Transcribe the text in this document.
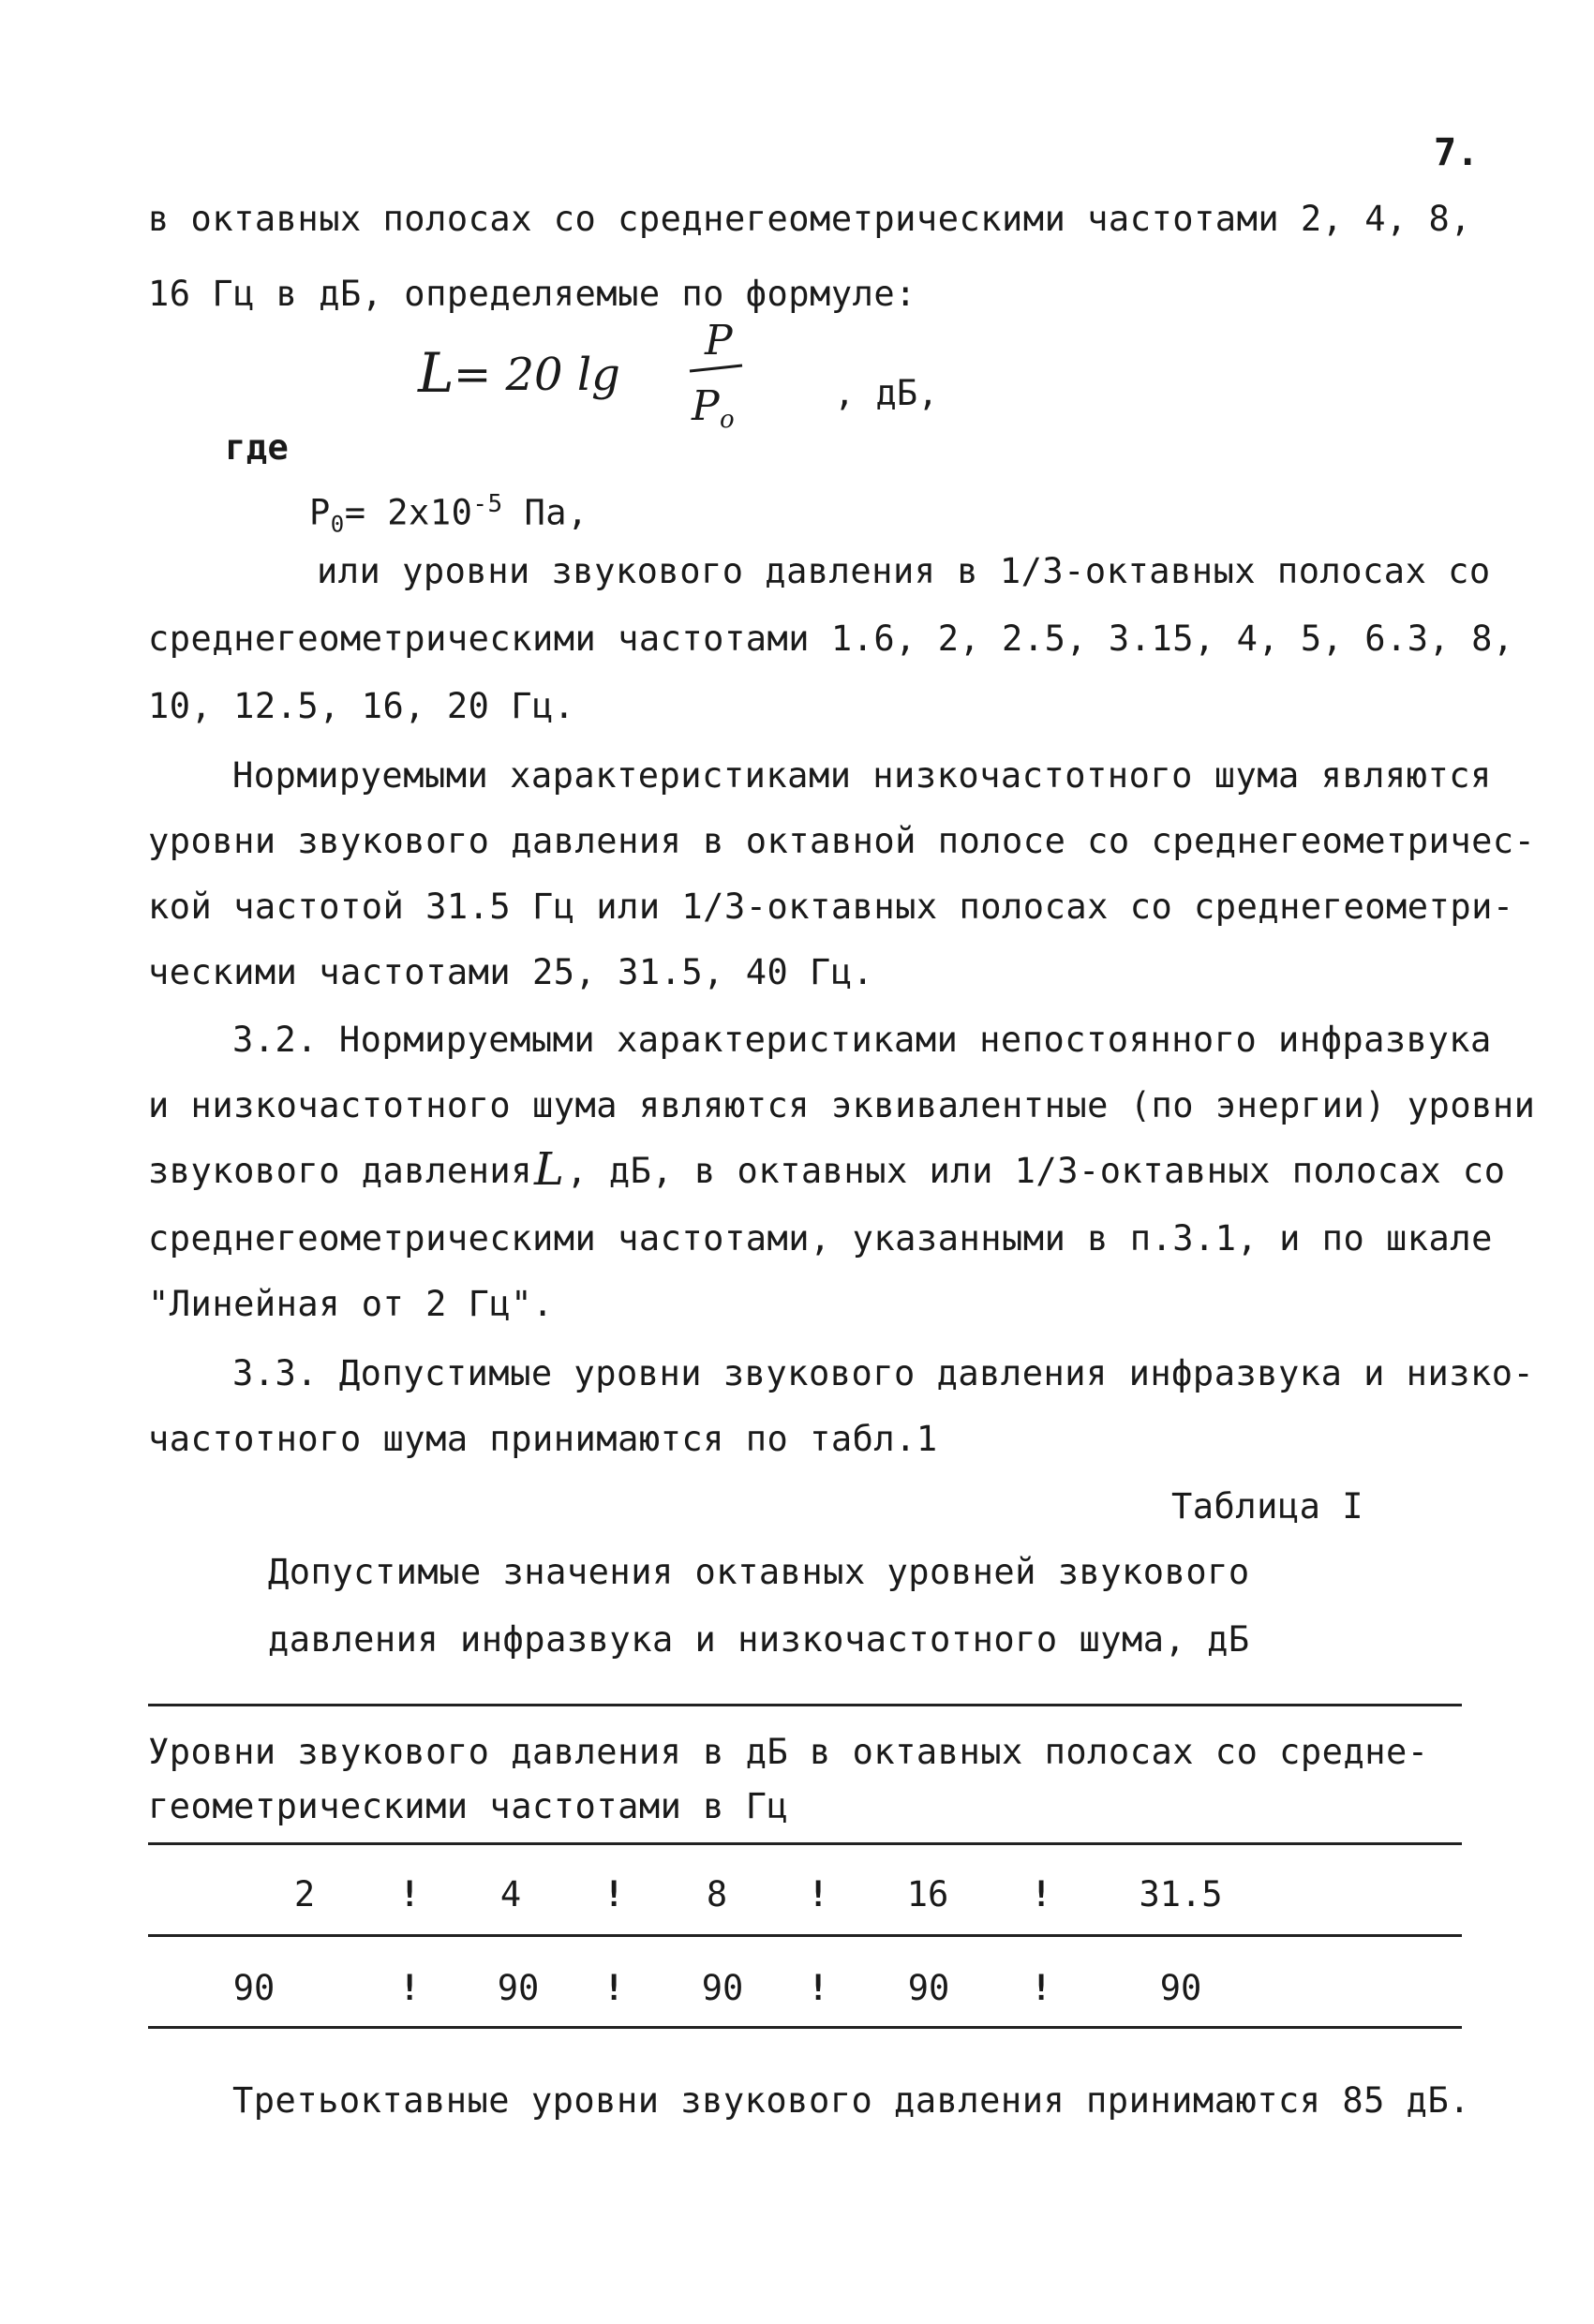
7.
в октавных полосах со среднегеометрическими частотами 2, 4, 8,
16 Гц в дБ, определяемые по формуле:
L = 20 lg
P
P o
, дБ,
где
$P_0= 2x10^{-5}$ Па,
или уровни звукового давления в 1/3-октавных полосах со
среднегеометрическими частотами 1.6, 2, 2.5, 3.15, 4, 5, 6.3, 8,
10, 12.5, 16, 20 Гц.
Нормируемыми характеристиками низкочастотного шума являются
уровни звукового давления в октавной полосе со среднегеометричес-
кой частотой 31.5 Гц или 1/3-октавных полосах со среднегеометри-
ческими частотами 25, 31.5, 40 Гц.
3.2. Нормируемыми характеристиками непостоянного инфразвука
и низкочастотного шума являются эквивалентные (по энергии) уровни
звукового давленияL, дБ, в октавных или 1/3-октавных полосах со
среднегеометрическими частотами, указанными в п.3.1, и по шкале
"Линейная от 2 Гц".
3.3. Допустимые уровни звукового давления инфразвука и низко-
частотного шума принимаются по табл.1
Таблица I
Допустимые значения октавных уровней звукового
давления инфразвука и низкочастотного шума, дБ
Уровни звукового давления в дБ в октавных полосах со средне-
геометрическими частотами в Гц
2	!	4	!	8	!	16	!	31.5
90	!	90	!	90	!	90	!	90
Третьоктавные уровни звукового давления принимаются 85 дБ.
